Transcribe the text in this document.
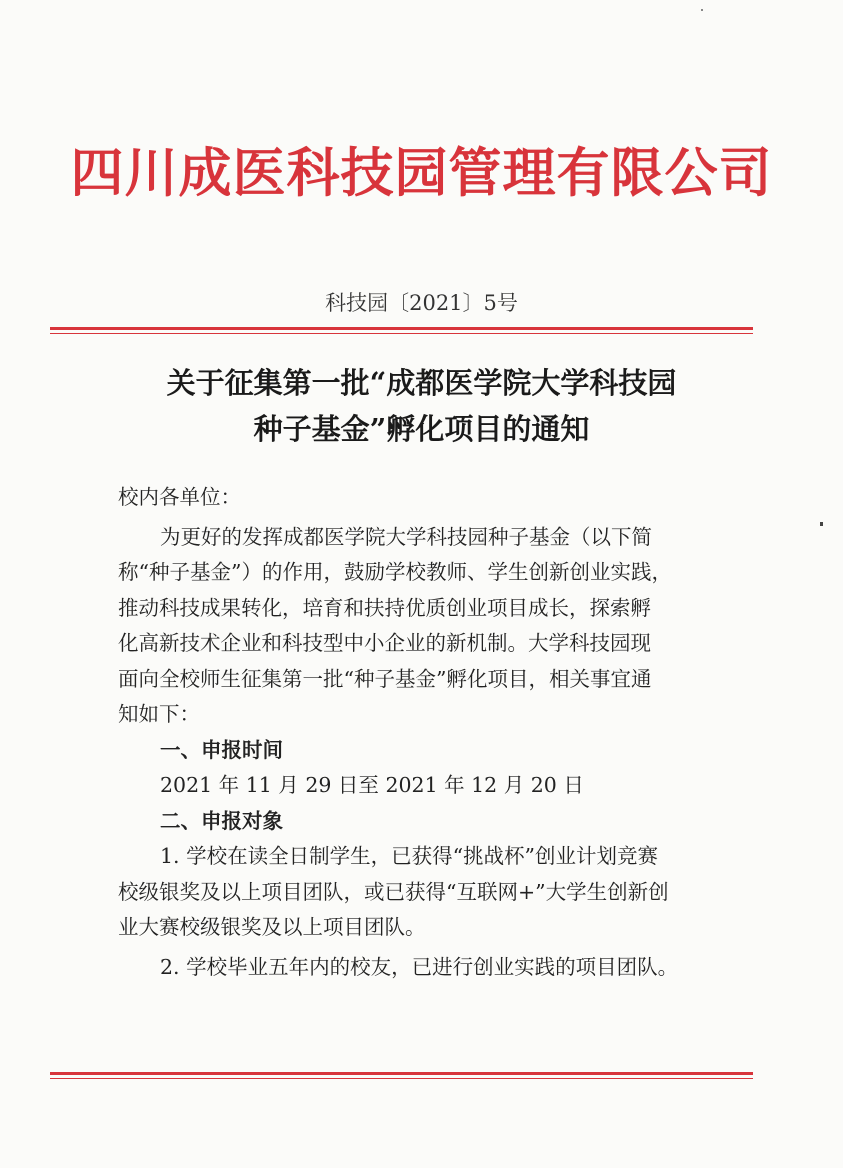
四川成医科技园管理有限公司
科技园〔2021〕5号
关于征集第一批“成都医学院大学科技园
种子基金”孵化项目的通知
校内各单位：
为更好的发挥成都医学院大学科技园种子基金（以下简
称“种子基金”）的作用，鼓励学校教师、学生创新创业实践，
推动科技成果转化，培育和扶持优质创业项目成长，探索孵
化高新技术企业和科技型中小企业的新机制。大学科技园现
面向全校师生征集第一批“种子基金”孵化项目，相关事宜通
知如下：
一、申报时间
2021 年 11 月 29 日至 2021 年 12 月 20 日
二、申报对象
1. 学校在读全日制学生，已获得“挑战杯”创业计划竞赛
校级银奖及以上项目团队，或已获得“互联网+”大学生创新创
业大赛校级银奖及以上项目团队。
2. 学校毕业五年内的校友，已进行创业实践的项目团队。
